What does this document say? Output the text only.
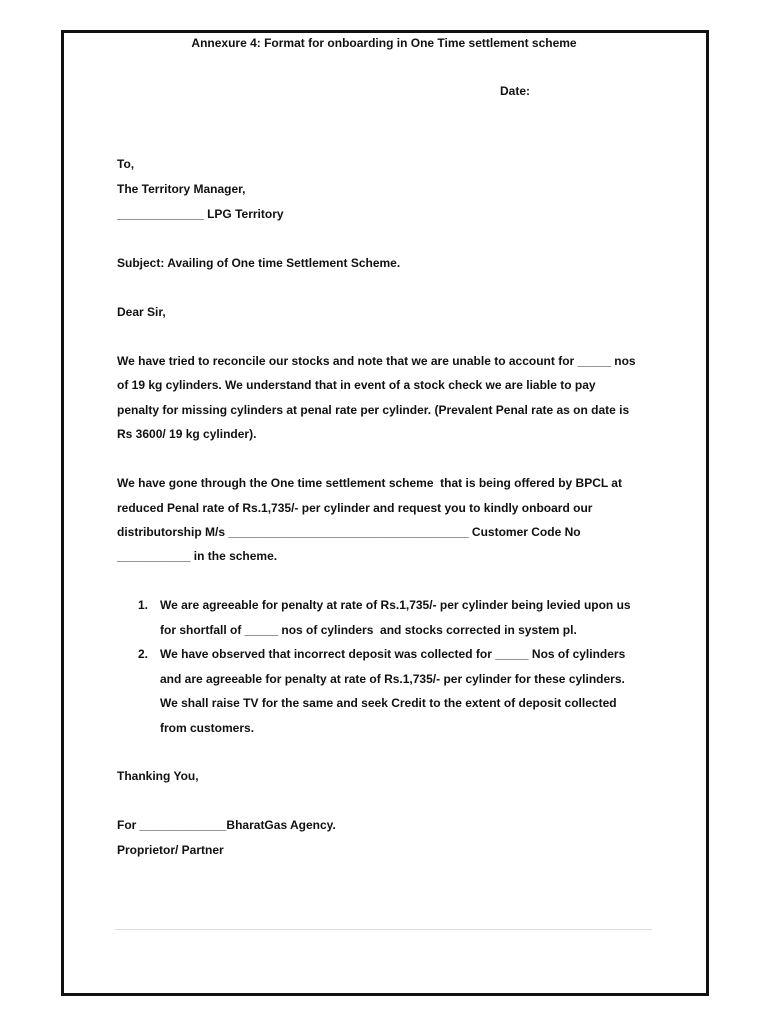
Annexure 4: Format for onboarding in One Time settlement scheme
Date:
To,
The Territory Manager,
_____________ LPG Territory
Subject: Availing of One time Settlement Scheme.
Dear Sir,
We have tried to reconcile our stocks and note that we are unable to account for _____ nos
of 19 kg cylinders. We understand that in event of a stock check we are liable to pay
penalty for missing cylinders at penal rate per cylinder. (Prevalent Penal rate as on date is
Rs 3600/ 19 kg cylinder).
We have gone through the One time settlement scheme  that is being offered by BPCL at
reduced Penal rate of Rs.1,735/- per cylinder and request you to kindly onboard our
distributorship M/s ____________________________________ Customer Code No
___________ in the scheme.
1. We are agreeable for penalty at rate of Rs.1,735/- per cylinder being levied upon us
for shortfall of _____ nos of cylinders  and stocks corrected in system pl.
2. We have observed that incorrect deposit was collected for _____ Nos of cylinders
and are agreeable for penalty at rate of Rs.1,735/- per cylinder for these cylinders.
We shall raise TV for the same and seek Credit to the extent of deposit collected
from customers.
Thanking You,
For _____________BharatGas Agency.
Proprietor/ Partner
